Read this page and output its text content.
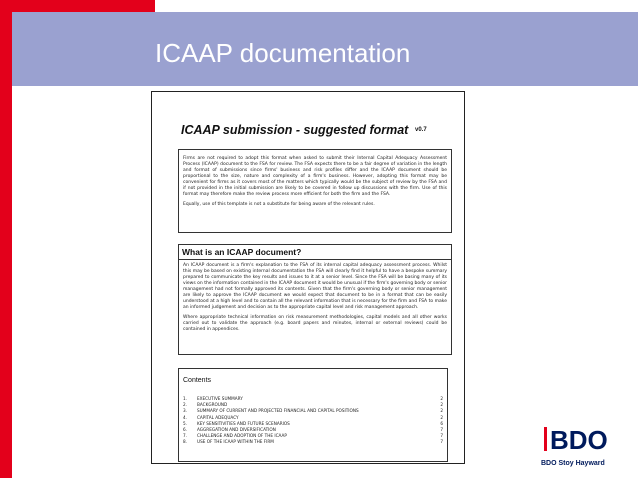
ICAAP documentation
ICAAP submission - suggested format v0.7

Firms are not required to adopt this format when asked to submit their Internal Capital Adequacy Assessment Process (ICAAP) document to the FSA for review. The FSA expects there to be a fair degree of variation in the length and format of submissions since firms' business and risk profiles differ and the ICAAP document should be proportional to the size, nature and complexity of a firm's business. However, adopting this format may be convenient for firms as it covers most of the matters which typically would be the subject of review by the FSA and if not provided in the initial submission are likely to be covered in follow up discussions with the firm. Use of this format may therefore make the review process more efficient for both the firm and the FSA.

Equally, use of this template is not a substitute for being aware of the relevant rules.

What is an ICAAP document?

An ICAAP document is a firm's explanation to the FSA of its internal capital adequacy assessment process. Whilst this may be based on existing internal documentation the FSA will clearly find it helpful to have a bespoke summary prepared to communicate the key results and issues to it at a senior level. Since the FSA will be basing many of its views on the information contained in the ICAAP document it would be unusual if the firm's governing body or senior management had not formally approved its contents. Given that the firm's governing body or senior management are likely to approve the ICAAP document we would expect that document to be in a format that can be easily understood at a high level and to contain all the relevant information that is necessary for the firm and FSA to make an informed judgement and decision as to the appropriate capital level and risk management approach.

Where appropriate technical information on risk measurement methodologies, capital models and all other works carried out to validate the approach (e.g. board papers and minutes, internal or external reviews) could be contained in appendices.

Contents
1.	EXECUTIVE SUMMARY	2
2.	BACKGROUND	2
3.	SUMMARY OF CURRENT AND PROJECTED FINANCIAL AND CAPITAL POSITIONS	2
4.	CAPITAL ADEQUACY	2
5.	KEY SENSITIVITIES AND FUTURE SCENARIOS	6
6.	AGGREGATION AND DIVERSIFICATION	7
7.	CHALLENGE AND ADOPTION OF THE ICAAP	7
8.	USE OF THE ICAAP WITHIN THE FIRM	7	BDO
BDO Stoy Hayward
